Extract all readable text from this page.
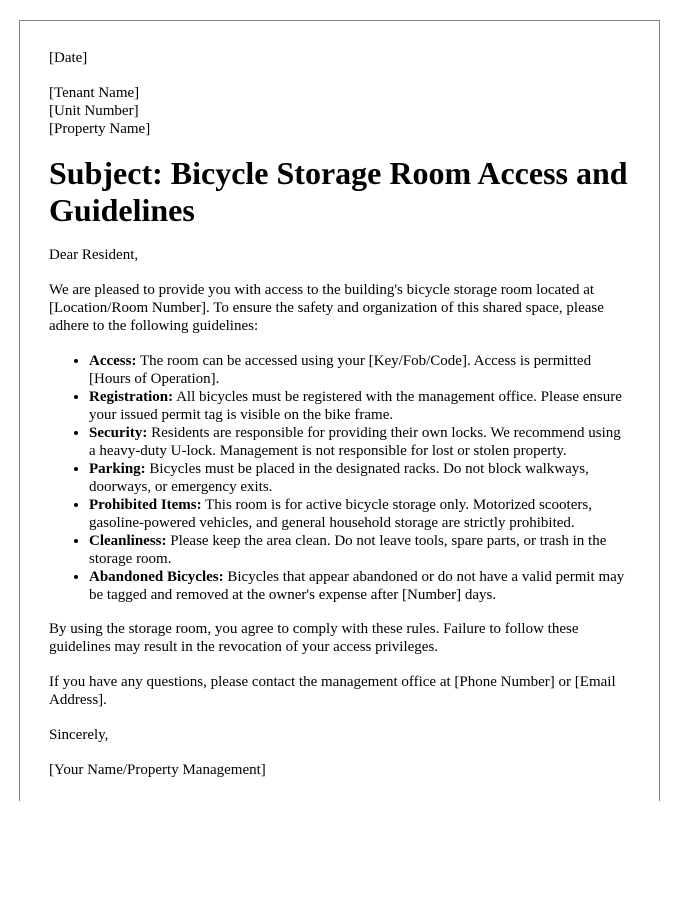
[Date]

[Tenant Name]
[Unit Number]
[Property Name]

Subject: Bicycle Storage Room Access and Guidelines

Dear Resident,

We are pleased to provide you with access to the building's bicycle storage room located at [Location/Room Number]. To ensure the safety and organization of this shared space, please adhere to the following guidelines:

• Access: The room can be accessed using your [Key/Fob/Code]. Access is permitted [Hours of Operation].
• Registration: All bicycles must be registered with the management office. Please ensure your issued permit tag is visible on the bike frame.
• Security: Residents are responsible for providing their own locks. We recommend using a heavy-duty U-lock. Management is not responsible for lost or stolen property.
• Parking: Bicycles must be placed in the designated racks. Do not block walkways, doorways, or emergency exits.
• Prohibited Items: This room is for active bicycle storage only. Motorized scooters, gasoline-powered vehicles, and general household storage are strictly prohibited.
• Cleanliness: Please keep the area clean. Do not leave tools, spare parts, or trash in the storage room.
• Abandoned Bicycles: Bicycles that appear abandoned or do not have a valid permit may be tagged and removed at the owner's expense after [Number] days.

By using the storage room, you agree to comply with these rules. Failure to follow these guidelines may result in the revocation of your access privileges.

If you have any questions, please contact the management office at [Phone Number] or [Email Address].

Sincerely,

[Your Name/Property Management]
